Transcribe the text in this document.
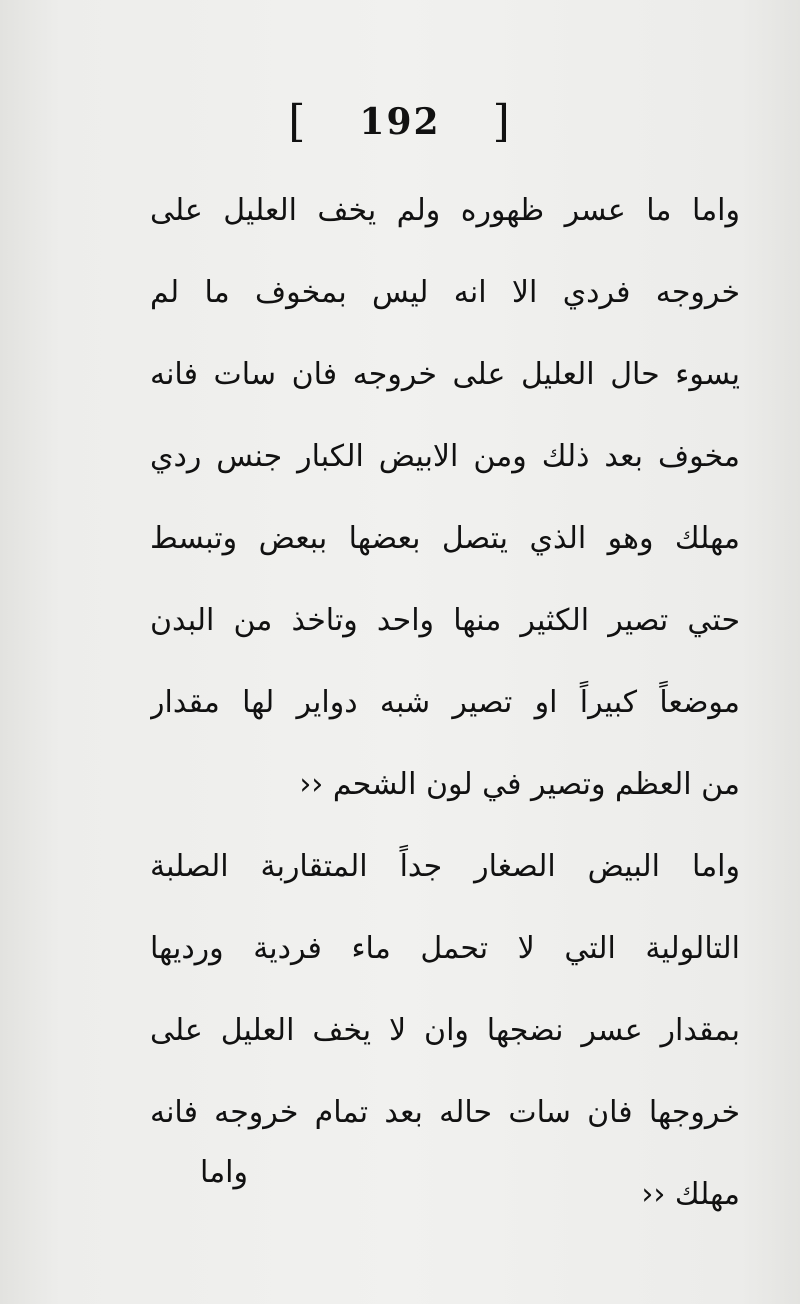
[ 192 ]
واما ما عسر ظهوره ولم يخف العليل على
خروجه فردي الا انه ليس بمخوف ما لم
يسوء حال العليل على خروجه فان سات فانه
مخوف بعد ذلك ومن الابيض الكبار جنس ردي
مهلك وهو الذي يتصل بعضها ببعض وتبسط
حتي تصير الكثير منها واحد وتاخذ من البدن
موضعاً كبيراً او تصير شبه دواير لها مقدار
من العظم وتصير في لون الشحم ‹‹
واما البيض الصغار جداً المتقاربة الصلبة
التالولية التي لا تحمل ماء فردية ورديها
بمقدار عسر نضجها وان لا يخف العليل على
خروجها فان سات حاله بعد تمام خروجه فانه
مهلك ‹‹
واما
